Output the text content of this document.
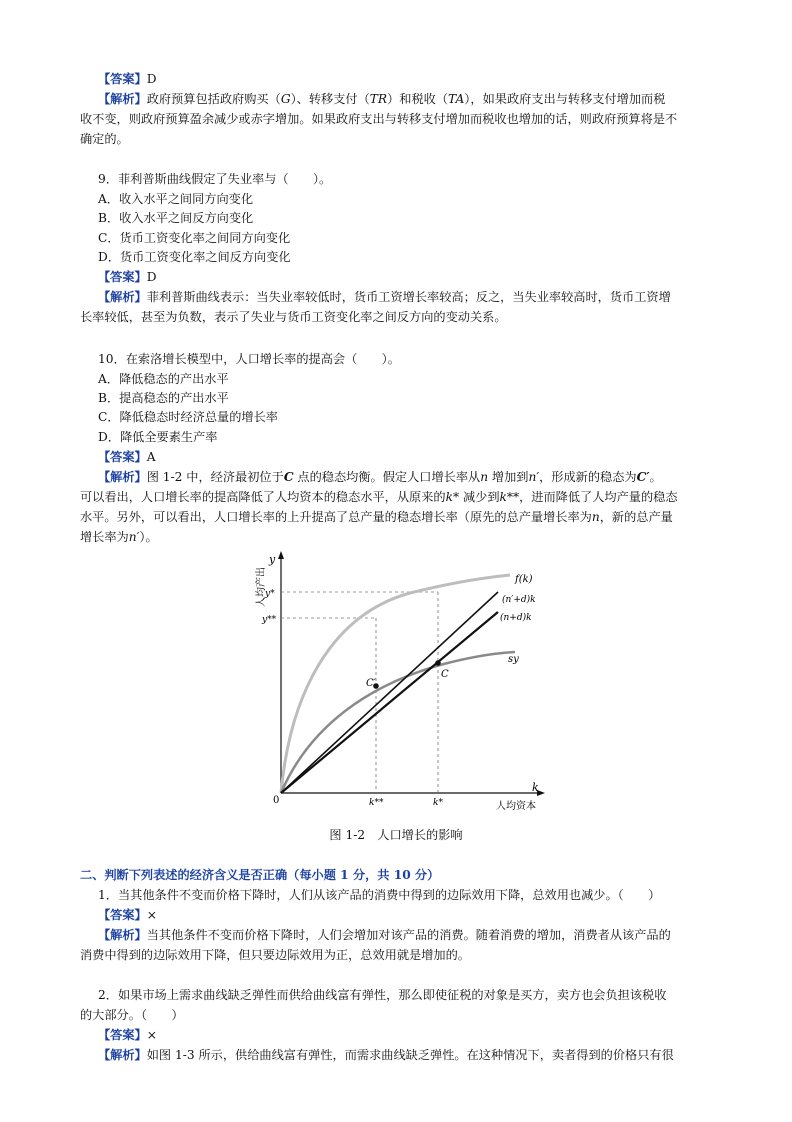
【答案】D
【解析】政府预算包括政府购买（G）、转移支付（TR）和税收（TA），如果政府支出与转移支付增加而税
收不变，则政府预算盈余减少或赤字增加。如果政府支出与转移支付增加而税收也增加的话，则政府预算将是不
确定的。
9．菲利普斯曲线假定了失业率与（　　）。
A．收入水平之间同方向变化
B．收入水平之间反方向变化
C．货币工资变化率之间同方向变化
D．货币工资变化率之间反方向变化
【答案】D
【解析】菲利普斯曲线表示：当失业率较低时，货币工资增长率较高；反之，当失业率较高时，货币工资增
长率较低，甚至为负数，表示了失业与货币工资变化率之间反方向的变动关系。
10．在索洛增长模型中，人口增长率的提高会（　　）。
A．降低稳态的产出水平
B．提高稳态的产出水平
C．降低稳态时经济总量的增长率
D．降低全要素生产率
【答案】A
【解析】图 1-2 中，经济最初位于C 点的稳态均衡。假定人口增长率从n 增加到n′，形成新的稳态为C′。
可以看出，人口增长率的提高降低了人均资本的稳态水平，从原来的k* 减少到k**，进而降低了人均产量的稳态
水平。另外，可以看出，人口增长率的上升提高了总产量的稳态增长率（原先的总产量增长率为n，新的总产量
增长率为n′）。
y
人均产出
y*
y**
0	k**	k*
k
人均资本
f(k)
(n′+d)k
(n+d)k
sy
C′
C
图 1-2　人口增长的影响
二、判断下列表述的经济含义是否正确（每小题 1 分，共 10 分）
1．当其他条件不变而价格下降时，人们从该产品的消费中得到的边际效用下降，总效用也减少。（　　）
【答案】×
【解析】当其他条件不变而价格下降时，人们会增加对该产品的消费。随着消费的增加，消费者从该产品的
消费中得到的边际效用下降，但只要边际效用为正，总效用就是增加的。
2．如果市场上需求曲线缺乏弹性而供给曲线富有弹性，那么即使征税的对象是买方，卖方也会负担该税收
的大部分。（　　）
【答案】×
【解析】如图 1-3 所示，供给曲线富有弹性，而需求曲线缺乏弹性。在这种情况下，卖者得到的价格只有很
